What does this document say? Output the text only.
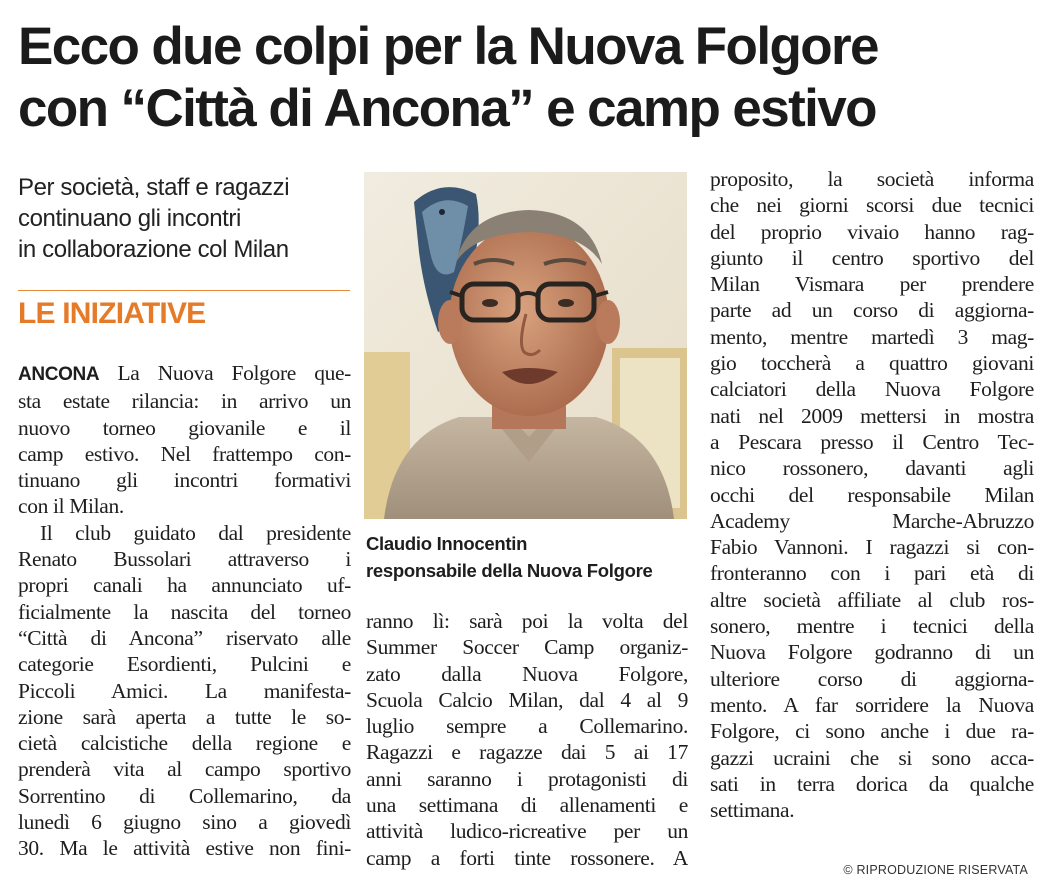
Ecco due colpi per la Nuova Folgore
con “Città di Ancona” e camp estivo
Per società, staff e ragazzi
continuano gli incontri
in collaborazione col Milan
LE INIZIATIVE
ANCONA La Nuova Folgore que-
sta estate rilancia: in arrivo un
nuovo torneo giovanile e il
camp estivo. Nel frattempo con-
tinuano gli incontri formativi
con il Milan.
Il club guidato dal presidente
Renato Bussolari attraverso i
propri canali ha annunciato uf-
ficialmente la nascita del torneo
“Città di Ancona” riservato alle
categorie Esordienti, Pulcini e
Piccoli Amici. La manifesta-
zione sarà aperta a tutte le so-
cietà calcistiche della regione e
prenderà vita al campo sportivo
Sorrentino di Collemarino, da
lunedì 6 giugno sino a giovedì
30. Ma le attività estive non fini-
Claudio Innocentin
responsabile della Nuova Folgore
ranno lì: sarà poi la volta del
Summer Soccer Camp organiz-
zato dalla Nuova Folgore,
Scuola Calcio Milan, dal 4 al 9
luglio sempre a Collemarino.
Ragazzi e ragazze dai 5 ai 17
anni saranno i protagonisti di
una settimana di allenamenti e
attività ludico-ricreative per un
camp a forti tinte rossonere. A
proposito, la società informa
che nei giorni scorsi due tecnici
del proprio vivaio hanno rag-
giunto il centro sportivo del
Milan Vismara per prendere
parte ad un corso di aggiorna-
mento, mentre martedì 3 mag-
gio toccherà a quattro giovani
calciatori della Nuova Folgore
nati nel 2009 mettersi in mostra
a Pescara presso il Centro Tec-
nico rossonero, davanti agli
occhi del responsabile Milan
Academy Marche-Abruzzo
Fabio Vannoni. I ragazzi si con-
fronteranno con i pari età di
altre società affiliate al club ros-
sonero, mentre i tecnici della
Nuova Folgore godranno di un
ulteriore corso di aggiorna-
mento. A far sorridere la Nuova
Folgore, ci sono anche i due ra-
gazzi ucraini che si sono acca-
sati in terra dorica da qualche
settimana.
© RIPRODUZIONE RISERVATA
